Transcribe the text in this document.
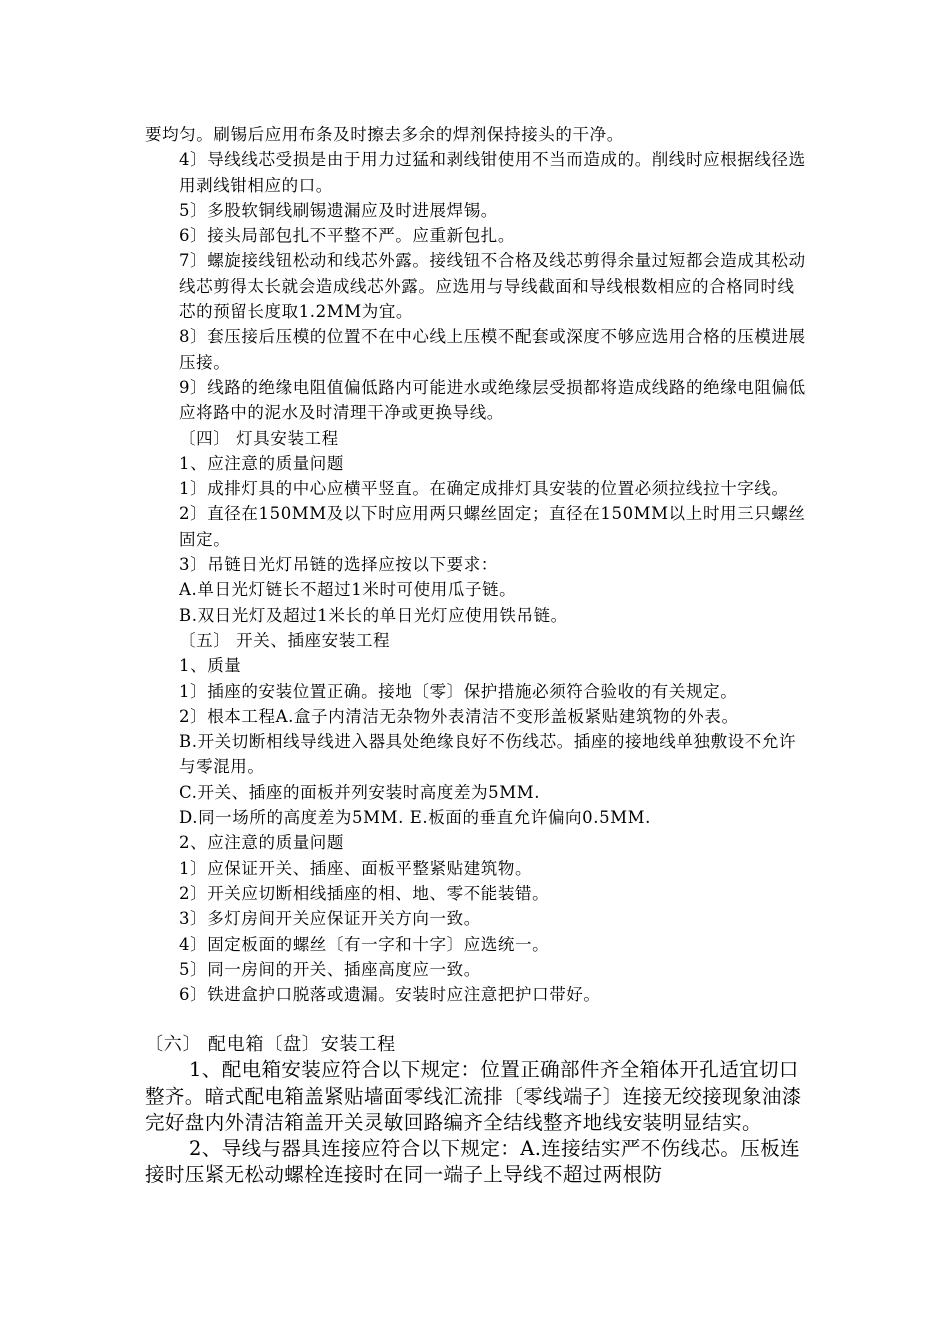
要均匀。刷锡后应用布条及时擦去多余的焊剂保持接头的干净。

4〕导线线芯受损是由于用力过猛和剥线钳使用不当而造成的。削线时应根据线径选用剥线钳相应的口。

5〕多股软铜线刷锡遗漏应及时进展焊锡。

6〕接头局部包扎不平整不严。应重新包扎。

7〕螺旋接线钮松动和线芯外露。接线钮不合格及线芯剪得余量过短都会造成其松动线芯剪得太长就会造成线芯外露。应选用与导线截面和导线根数相应的合格同时线芯的预留长度取1.2MM为宜。

8〕套压接后压模的位置不在中心线上压模不配套或深度不够应选用合格的压模进展压接。

9〕线路的绝缘电阻值偏低路内可能进水或绝缘层受损都将造成线路的绝缘电阻偏低应将路中的泥水及时清理干净或更换导线。

〔四〕 灯具安装工程

1、应注意的质量问题

1〕成排灯具的中心应横平竖直。在确定成排灯具安装的位置必须拉线拉十字线。

2〕直径在150MM及以下时应用两只螺丝固定；直径在150MM以上时用三只螺丝固定。

3〕吊链日光灯吊链的选择应按以下要求：

A.单日光灯链长不超过1米时可使用瓜子链。

B.双日光灯及超过1米长的单日光灯应使用铁吊链。

〔五〕 开关、插座安装工程

1、质量

1〕插座的安装位置正确。接地〔零〕保护措施必须符合验收的有关规定。

2〕根本工程A.盒子内清洁无杂物外表清洁不变形盖板紧贴建筑物的外表。

B.开关切断相线导线进入器具处绝缘良好不伤线芯。插座的接地线单独敷设不允许与零混用。

C.开关、插座的面板并列安装时高度差为5MM.

D.同一场所的高度差为5MM. E.板面的垂直允许偏向0.5MM.

2、应注意的质量问题

1〕应保证开关、插座、面板平整紧贴建筑物。

2〕开关应切断相线插座的相、地、零不能装错。

3〕多灯房间开关应保证开关方向一致。

4〕固定板面的螺丝〔有一字和十字〕应选统一。

5〕同一房间的开关、插座高度应一致。

6〕铁进盒护口脱落或遗漏。安装时应注意把护口带好。

〔六〕 配电箱〔盘〕安装工程

1、配电箱安装应符合以下规定：位置正确部件齐全箱体开孔适宜切口整齐。暗式配电箱盖紧贴墙面零线汇流排〔零线端子〕连接无绞接现象油漆完好盘内外清洁箱盖开关灵敏回路编齐全结线整齐地线安装明显结实。

2、导线与器具连接应符合以下规定：A.连接结实严不伤线芯。压板连接时压紧无松动螺栓连接时在同一端子上导线不超过两根防
